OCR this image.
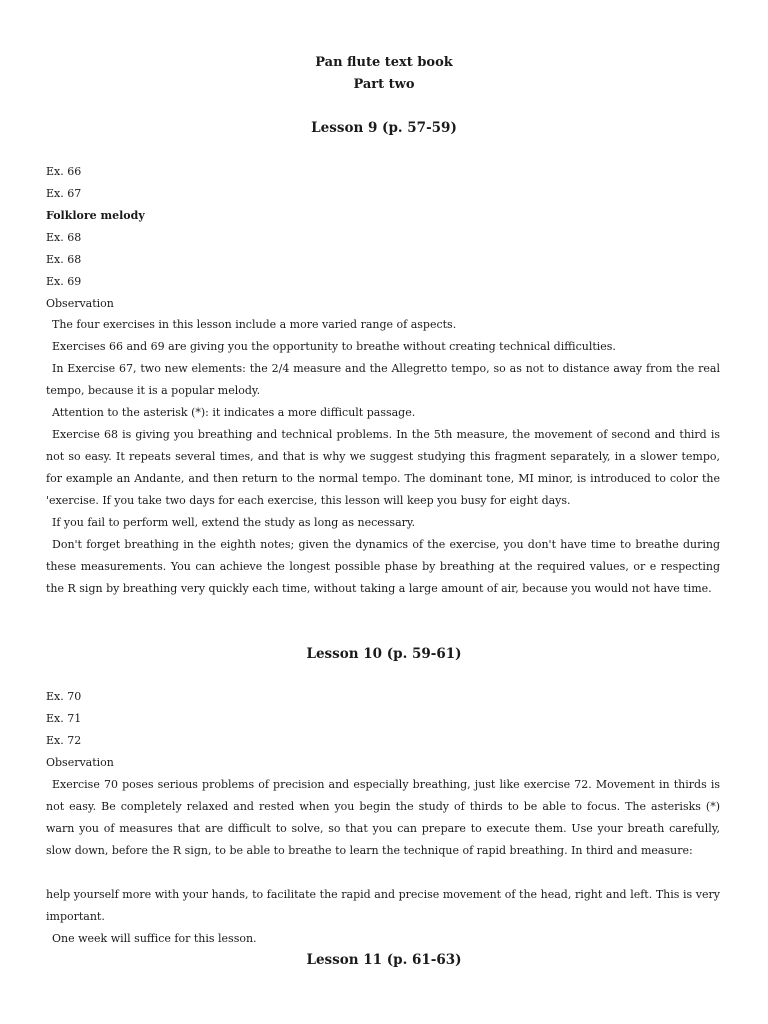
Pan flute text book
Part two
Lesson 9 (p. 57-59)
Ex. 66
Ex. 67
Folklore melody
Ex. 68
Ex. 68
Ex. 69
Observation

The four exercises in this lesson include a more varied range of aspects.

Exercises 66 and 69 are giving you the opportunity to breathe without creating technical difficulties.

In Exercise 67, two new elements: the 2/4 measure and the Allegretto tempo, so as not to distance away from the real tempo, because it is a popular melody.

Attention to the asterisk (*): it indicates a more difficult passage.

Exercise 68 is giving you breathing and technical problems. In the 5th measure, the movement of second and third is not so easy. It repeats several times, and that is why we suggest studying this fragment separately, in a slower tempo, for example an Andante, and then return to the normal tempo. The dominant tone, MI minor, is introduced to color the 'exercise. If you take two days for each exercise, this lesson will keep you busy for eight days.

If you fail to perform well, extend the study as long as necessary.

Don't forget breathing in the eighth notes; given the dynamics of the exercise, you don't have time to breathe during these measurements. You can achieve the longest possible phase by breathing at the required values, or e respecting the R sign by breathing very quickly each time, without taking a large amount of air, because you would not have time.

Lesson 10 (p. 59-61)
Ex. 70
Ex. 71
Ex. 72
Observation

Exercise 70 poses serious problems of precision and especially breathing, just like exercise 72. Movement in thirds is not easy. Be completely relaxed and rested when you begin the study of thirds to be able to focus. The asterisks (*) warn you of measures that are difficult to solve, so that you can prepare to execute them. Use your breath carefully, slow down, before the R sign, to be able to breathe to learn the technique of rapid breathing. In third and measure:

help yourself more with your hands, to facilitate the rapid and precise movement of the head, right and left. This is very important.

One week will suffice for this lesson.

Lesson 11 (p. 61-63)
